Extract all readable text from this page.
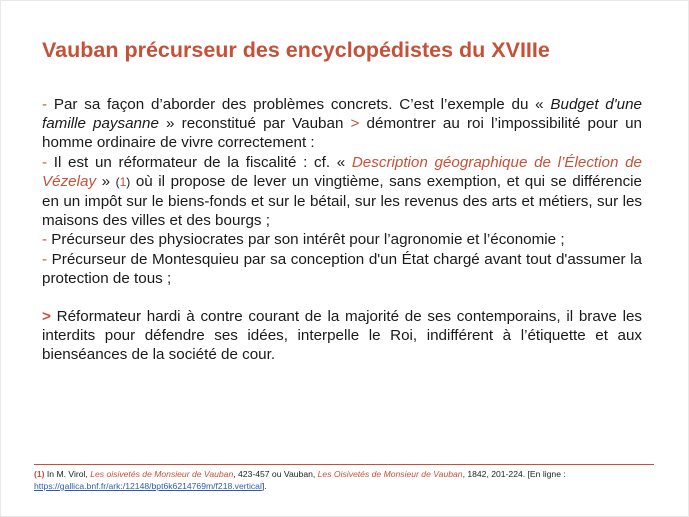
Vauban précurseur des encyclopédistes du XVIIIe

- Par sa façon d’aborder des problèmes concrets. C’est l’exemple du « Budget d'une famille paysanne » reconstitué par Vauban > démontrer au roi l’impossibilité pour un homme ordinaire de vivre correctement :

- Il est un réformateur de la fiscalité : cf. « Description géographique de l’Élection de Vézelay » (1) où il propose de lever un vingtième, sans exemption, et qui se différencie en un impôt sur le biens-fonds et sur le bétail, sur les revenus des arts et métiers, sur les maisons des villes et des bourgs ;

- Précurseur des physiocrates par son intérêt pour l’agronomie et l’économie ;

- Précurseur de Montesquieu par sa conception d'un État chargé avant tout d'assumer la protection de tous ;

> Réformateur hardi à contre courant de la majorité de ses contemporains, il brave les interdits pour défendre ses idées, interpelle le Roi, indifférent à l’étiquette et aux bienséances de la société de cour.

(1) In M. Virol, Les oisivetés de Monsieur de Vauban, 423-457 ou Vauban, Les Oisivetés de Monsieur de Vauban, 1842, 201-224. [En ligne : https://gallica.bnf.fr/ark:/12148/bpt6k6214769m/f218.vertical].
